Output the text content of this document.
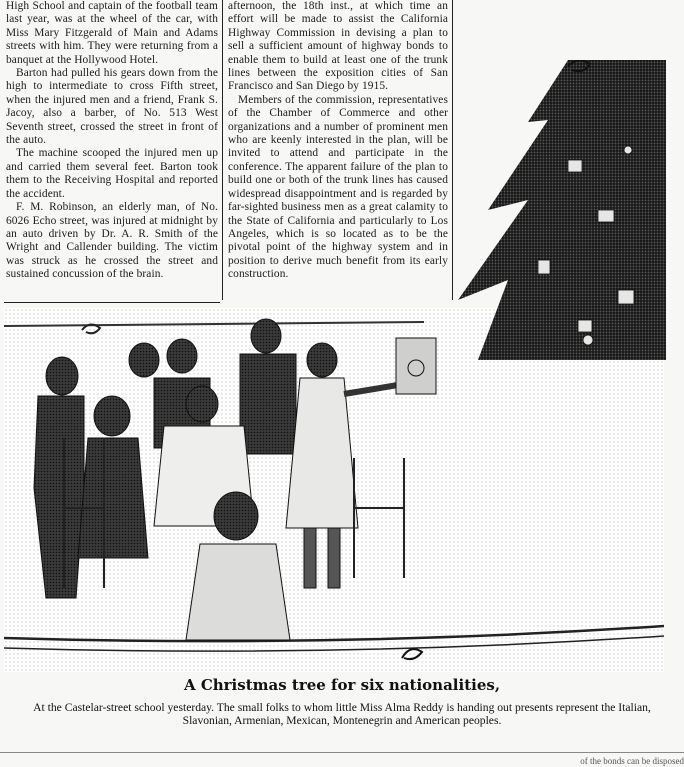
High School and captain of the football team last year, was at the wheel of the car, with Miss Mary Fitzgerald of Main and Adams streets with him. They were returning from a banquet at the Hollywood Hotel.

Barton had pulled his gears down from the high to intermediate to cross Fifth street, when the injured men and a friend, Frank S. Jacoy, also a barber, of No. 513 West Seventh street, crossed the street in front of the auto.

The machine scooped the injured men up and carried them several feet. Barton took them to the Receiving Hospital and reported the accident.

F. M. Robinson, an elderly man, of No. 6026 Echo street, was injured at midnight by an auto driven by Dr. A. R. Smith of the Wright and Callender building. The victim was struck as he crossed the street and sustained concussion of the brain.

afternoon, the 18th inst., at which time an effort will be made to assist the California Highway Commission in devising a plan to sell a sufficient amount of highway bonds to enable them to build at least one of the trunk lines between the exposition cities of San Francisco and San Diego by 1915.

Members of the commission, representatives of the Chamber of Commerce and other organizations and a number of prominent men who are keenly interested in the plan, will be invited to attend and participate in the conference. The apparent failure of the plan to build one or both of the trunk lines has caused widespread disappointment and is regarded by far-sighted business men as a great calamity to the State of California and particularly to Los Angeles, which is so located as to be the pivotal point of the highway system and in position to derive much benefit from its early construction.

A Christmas tree for six nationalities,
At the Castelar-street school yesterday. The small folks to whom little Miss Alma Reddy is handing out presents represent the Italian, Slavonian, Armenian, Mexican, Montenegrin and American peoples.
of the bonds can be disposed
